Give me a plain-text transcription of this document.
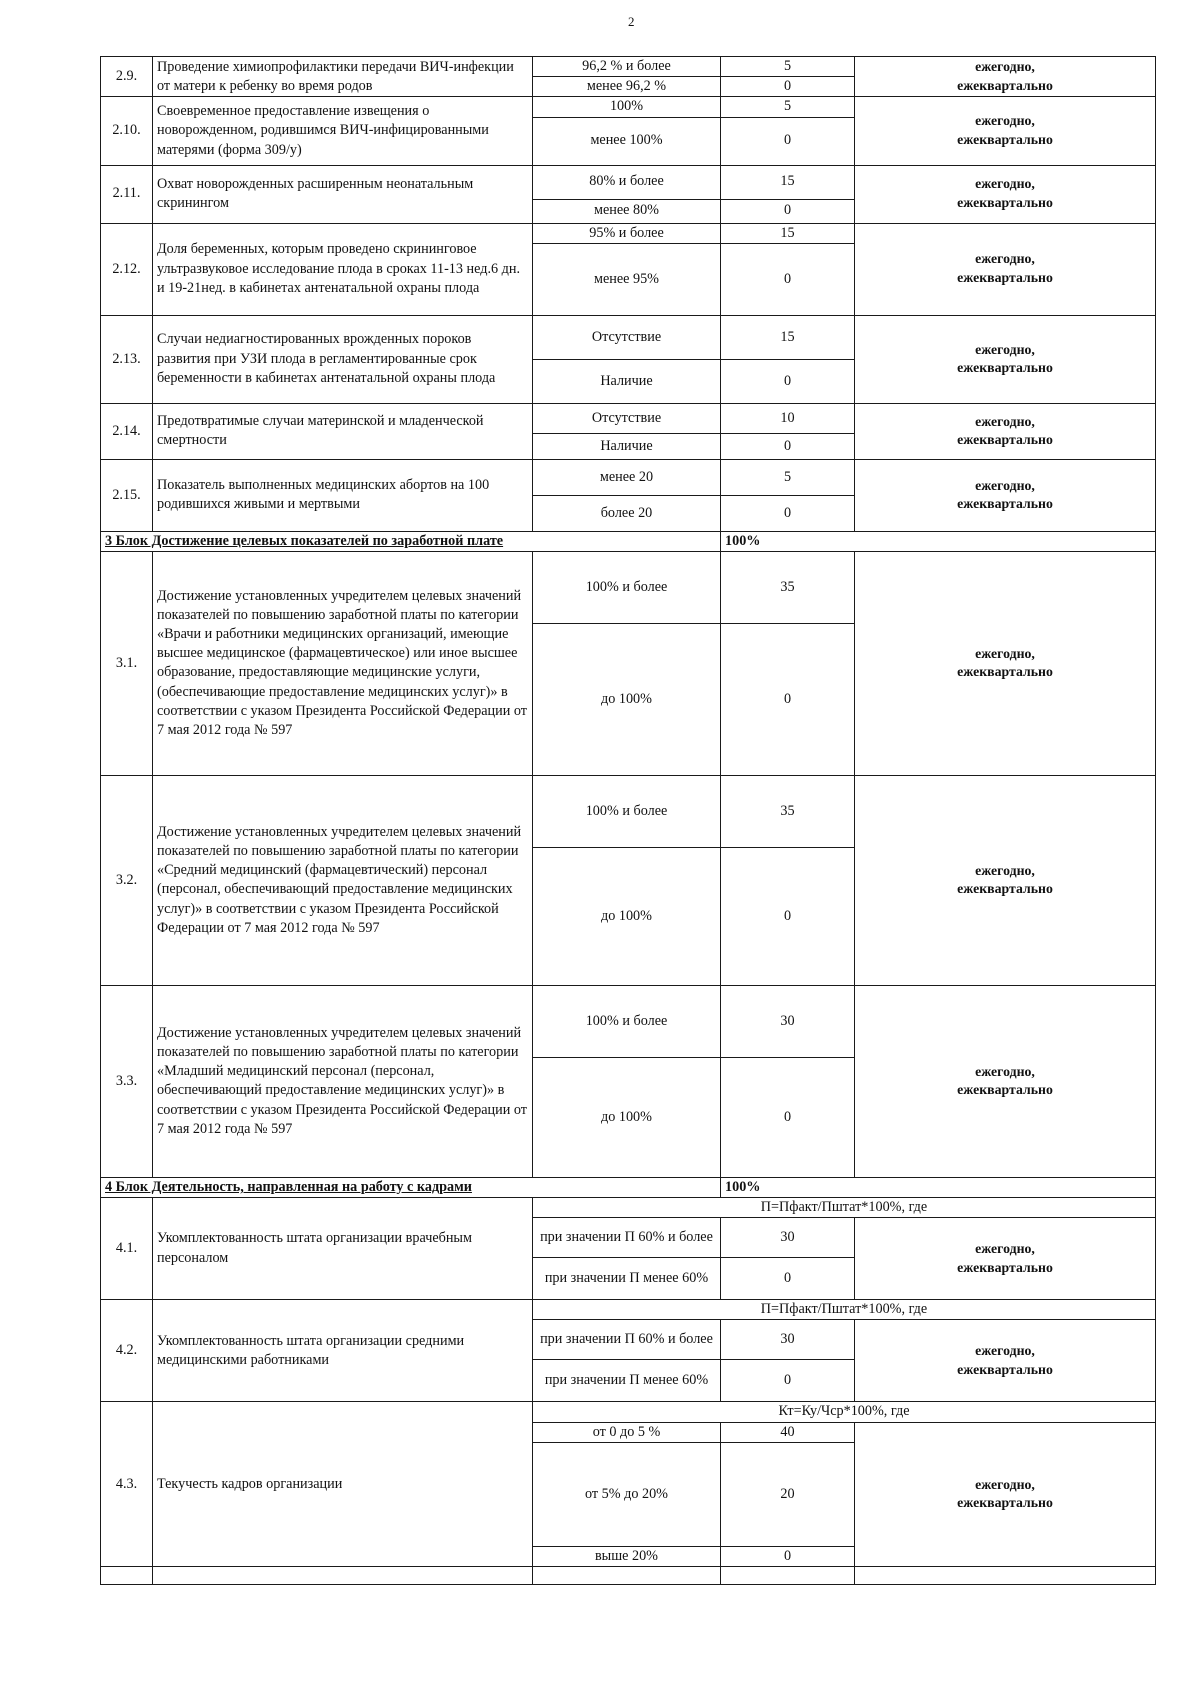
2
2.9.	Проведение химиопрофилактики передачи ВИЧ-инфекции от матери к ребенку во время родов	96,2 % и более	5	ежегодно,
ежеквартально

		менее 96,2 %	0	
2.10.	Своевременное предоставление извещения о новорожденном, родившимся ВИЧ-инфицированными матерями (форма 309/у)	100%	5	ежегодно,
ежеквартально

		менее 100%	0	
2.11.	Охват новорожденных расширенным неонатальным скринингом	80% и более	15	ежегодно,
ежеквартально

		менее 80%	0	
2.12.	Доля беременных, которым проведено скрининговое ультразвуковое исследование плода в сроках 11-13 нед.6 дн. и 19-21нед. в кабинетах антенатальной охраны плода	95% и более	15	ежегодно,
ежеквартально

		менее 95%	0	
2.13.	Случаи недиагностированных врожденных пороков развития при УЗИ плода в регламентированные срок беременности в кабинетах антенатальной охраны плода	Отсутствие	15	ежегодно,
ежеквартально

		Наличие	0	
2.14.	Предотвратимые случаи материнской и младенческой смертности	Отсутствие	10	ежегодно,
ежеквартально

		Наличие	0	
2.15.	Показатель выполненных медицинских абортов на 100 родившихся живыми и мертвыми	менее 20	5	ежегодно,
ежеквартально

		более 20	0	
3 Блок Достижение целевых показателей по заработной плате			100%	
3.1.	Достижение установленных учредителем целевых значений показателей по повышению заработной платы по категории «Врачи и работники медицинских организаций, имеющие высшее медицинское (фармацевтическое) или иное высшее образование, предоставляющие медицинские услуги, (обеспечивающие предоставление медицинских услуг)» в соответствии с указом Президента Российской Федерации от 7 мая 2012 года № 597	100% и более	35	ежегодно,
ежеквартально

		до 100%	0	
3.2.	Достижение установленных учредителем целевых значений показателей по повышению заработной платы по категории «Средний медицинский (фармацевтический) персонал (персонал, обеспечивающий предоставление медицинских услуг)» в соответствии с указом Президента Российской Федерации от 7 мая 2012 года № 597	100% и более	35	ежегодно,
ежеквартально

		до 100%	0	
3.3.	Достижение установленных учредителем целевых значений показателей по повышению заработной платы по категории «Младший медицинский персонал (персонал, обеспечивающий предоставление медицинских услуг)» в соответствии с указом Президента Российской Федерации от 7 мая 2012 года № 597	100% и более	30	ежегодно,
ежеквартально

		до 100%	0	
4 Блок Деятельность, направленная на работу с кадрами			100%	
4.1.	Укомплектованность штата организации врачебным персоналом	П=Пфакт/Пштат*100%, где		
		при значении П 60% и более	30	ежегодно,
ежеквартально

		при значении П менее 60%	0	
4.2.	Укомплектованность штата организации средними медицинскими работниками	П=Пфакт/Пштат*100%, где		
		при значении П 60% и более	30	ежегодно,
ежеквартально

		при значении П менее 60%	0	
4.3.	Текучесть кадров организации	Кт=Ку/Чср*100%, где		
		от 0 до 5 %	40	ежегодно,
ежеквартально

		от 5% до 20%	20	
		выше 20%	0	
